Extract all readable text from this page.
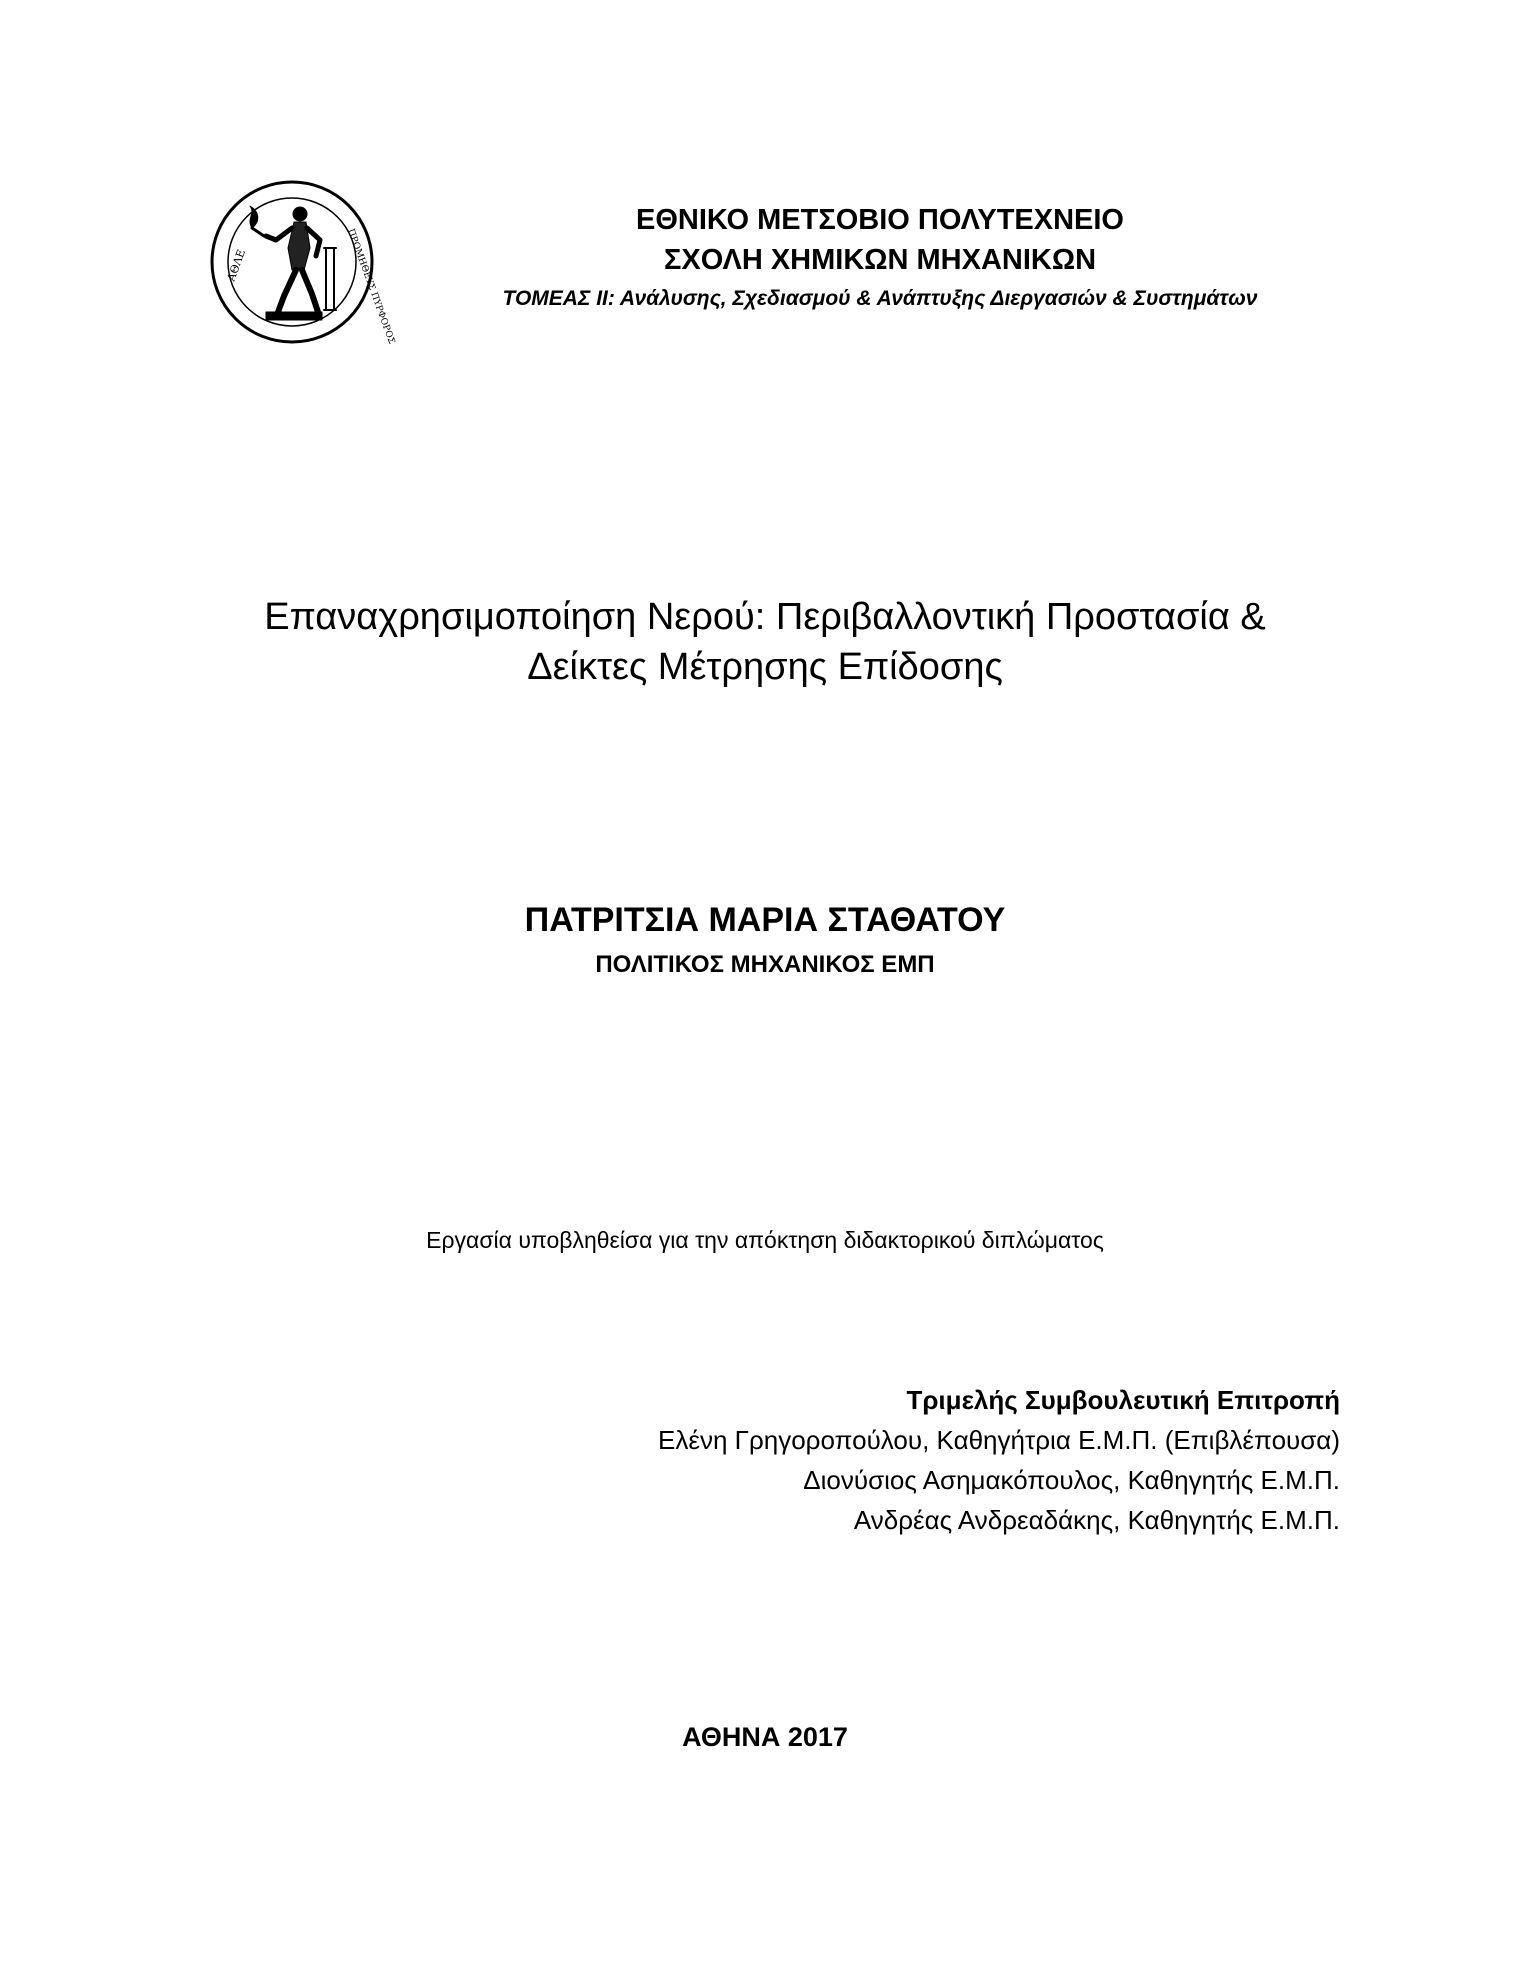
ΑΘΛΕ	ΠΡΟΜΗΘΕΥΣ ΠΥΡΦΟΡΟΣ
ΕΘΝΙΚΟ ΜΕΤΣΟΒΙΟ ΠΟΛΥΤΕΧΝΕΙΟ
ΣΧΟΛΗ ΧΗΜΙΚΩΝ ΜΗΧΑΝΙΚΩΝ
ΤΟΜΕΑΣ ΙΙ: Ανάλυσης, Σχεδιασμού & Ανάπτυξης Διεργασιών & Συστημάτων
Επαναχρησιμοποίηση Νερού: Περιβαλλοντική Προστασία &
Δείκτες Μέτρησης Επίδοσης
ΠΑΤΡΙΤΣΙΑ ΜΑΡΙΑ ΣΤΑΘΑΤΟΥ
ΠΟΛΙΤΙΚΟΣ ΜΗΧΑΝΙΚΟΣ ΕΜΠ
Εργασία υποβληθείσα για την απόκτηση διδακτορικού διπλώματος
Τριμελής Συμβουλευτική Επιτροπή
Ελένη Γρηγοροπούλου, Καθηγήτρια Ε.Μ.Π. (Επιβλέπουσα)
Διονύσιος Ασημακόπουλος, Καθηγητής Ε.Μ.Π.
Ανδρέας Ανδρεαδάκης, Καθηγητής Ε.Μ.Π.
ΑΘΗΝΑ 2017
